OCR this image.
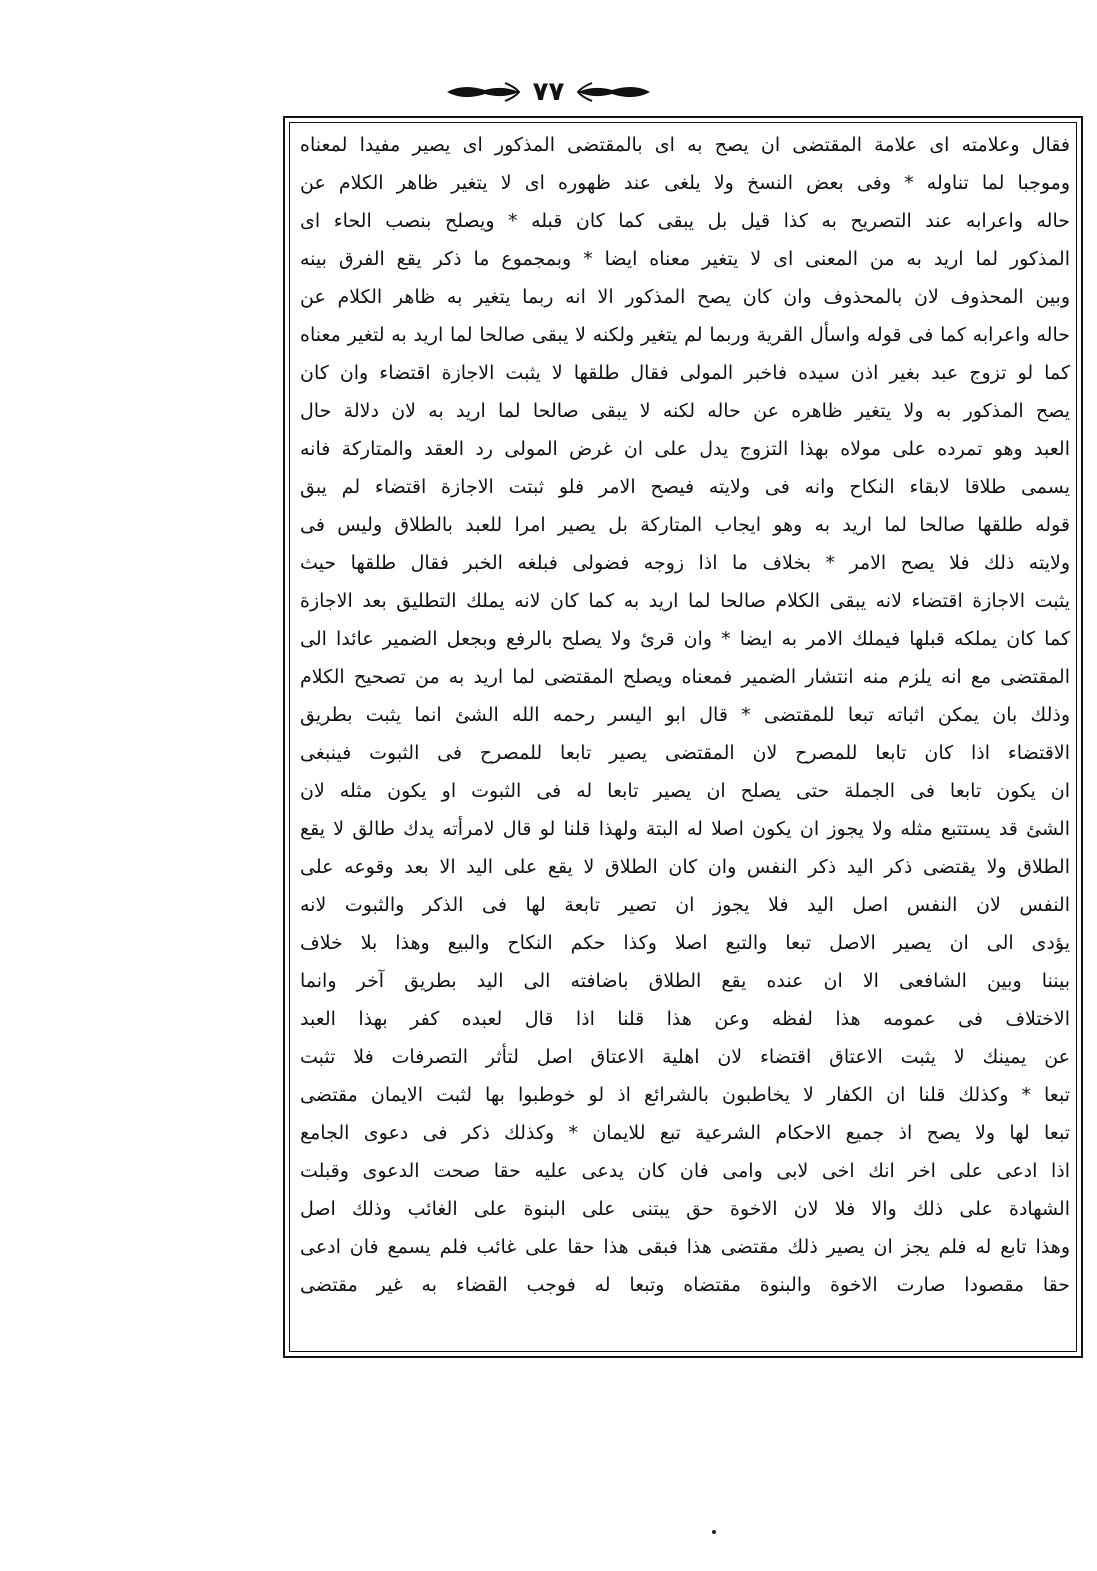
٧٧
فقال وعلامته اى علامة المقتضى ان يصح به اى بالمقتضى المذكور اى يصير مفيدا لمعناه
وموجبا لما تناوله * وفى بعض النسخ ولا يلغى عند ظهوره اى لا يتغير ظاهر الكلام عن
حاله واعرابه عند التصريح به كذا قيل بل يبقى كما كان قبله * ويصلح بنصب الحاء اى
المذكور لما اريد به من المعنى اى لا يتغير معناه ايضا * وبمجموع ما ذكر يقع الفرق بينه
وبين المحذوف لان بالمحذوف وان كان يصح المذكور الا انه ربما يتغير به ظاهر الكلام عن
حاله واعرابه كما فى قوله واسأل القرية وربما لم يتغير ولكنه لا يبقى صالحا لما اريد به لتغير معناه
كما لو تزوج عبد بغير اذن سيده فاخبر المولى فقال طلقها لا يثبت الاجازة اقتضاء وان كان
يصح المذكور به ولا يتغير ظاهره عن حاله لكنه لا يبقى صالحا لما اريد به لان دلالة حال
العبد وهو تمرده على مولاه بهذا التزوج يدل على ان غرض المولى رد العقد والمتاركة فانه
يسمى طلاقا لابقاء النكاح وانه فى ولايته فيصح الامر فلو ثبتت الاجازة اقتضاء لم يبق
قوله طلقها صالحا لما اريد به وهو ايجاب المتاركة بل يصير امرا للعبد بالطلاق وليس فى
ولايته ذلك فلا يصح الامر * بخلاف ما اذا زوجه فضولى فبلغه الخبر فقال طلقها حيث
يثبت الاجازة اقتضاء لانه يبقى الكلام صالحا لما اريد به كما كان لانه يملك التطليق بعد الاجازة
كما كان يملكه قبلها فيملك الامر به ايضا * وان قرئ ولا يصلح بالرفع وبجعل الضمير عائدا الى
المقتضى مع انه يلزم منه انتشار الضمير فمعناه ويصلح المقتضى لما اريد به من تصحيح الكلام
وذلك بان يمكن اثباته تبعا للمقتضى * قال ابو اليسر رحمه الله الشئ انما يثبت بطريق
الاقتضاء اذا كان تابعا للمصرح لان المقتضى يصير تابعا للمصرح فى الثبوت فينبغى
ان يكون تابعا فى الجملة حتى يصلح ان يصير تابعا له فى الثبوت او يكون مثله لان
الشئ قد يستتبع مثله ولا يجوز ان يكون اصلا له البتة ولهذا قلنا لو قال لامرأته يدك طالق لا يقع
الطلاق ولا يقتضى ذكر اليد ذكر النفس وان كان الطلاق لا يقع على اليد الا بعد وقوعه على
النفس لان النفس اصل اليد فلا يجوز ان تصير تابعة لها فى الذكر والثبوت لانه
يؤدى الى ان يصير الاصل تبعا والتبع اصلا وكذا حكم النكاح والبيع وهذا بلا خلاف
بيننا وبين الشافعى الا ان عنده يقع الطلاق باضافته الى اليد بطريق آخر وانما
الاختلاف فى عمومه هذا لفظه وعن هذا قلنا اذا قال لعبده كفر بهذا العبد
عن يمينك لا يثبت الاعتاق اقتضاء لان اهلية الاعتاق اصل لتأثر التصرفات فلا تثبت
تبعا * وكذلك قلنا ان الكفار لا يخاطبون بالشرائع اذ لو خوطبوا بها لثبت الايمان مقتضى
تبعا لها ولا يصح اذ جميع الاحكام الشرعية تبع للايمان * وكذلك ذكر فى دعوى الجامع
اذا ادعى على اخر انك اخى لابى وامى فان كان يدعى عليه حقا صحت الدعوى وقبلت
الشهادة على ذلك والا فلا لان الاخوة حق يبتنى على البنوة على الغائب وذلك اصل
وهذا تابع له فلم يجز ان يصير ذلك مقتضى هذا فبقى هذا حقا على غائب فلم يسمع فان ادعى
حقا مقصودا صارت الاخوة والبنوة مقتضاه وتبعا له فوجب القضاء به غير مقتضى
